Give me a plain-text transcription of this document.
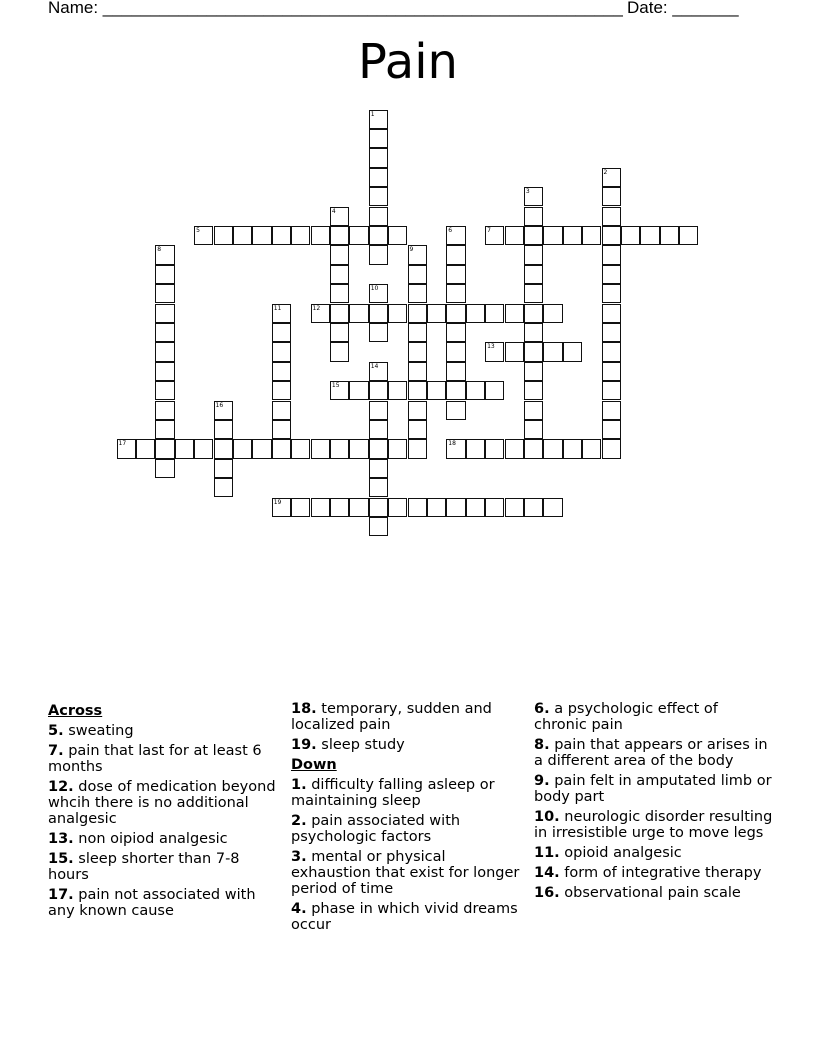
Name: _______________________________________________________ Date: _______
Pain
1
2
3
4
5	6	7
8	9
10
11	12
13
14
15
16
17	18
19
Across
5. sweating
7. pain that last for at least 6 months
12. dose of medication beyond whcih there is no additional analgesic
13. non oipiod analgesic
15. sleep shorter than 7-8 hours
17. pain not associated with any known cause
18. temporary, sudden and localized pain
19. sleep study
Down
1. difficulty falling asleep or maintaining sleep
2. pain associated with psychologic factors
3. mental or physical exhaustion that exist for longer period of time
4. phase in which vivid dreams occur
6. a psychologic effect of chronic pain
8. pain that appears or arises in a different area of the body
9. pain felt in amputated limb or body part
10. neurologic disorder resulting in irresistible urge to move legs
11. opioid analgesic
14. form of integrative therapy
16. observational pain scale
